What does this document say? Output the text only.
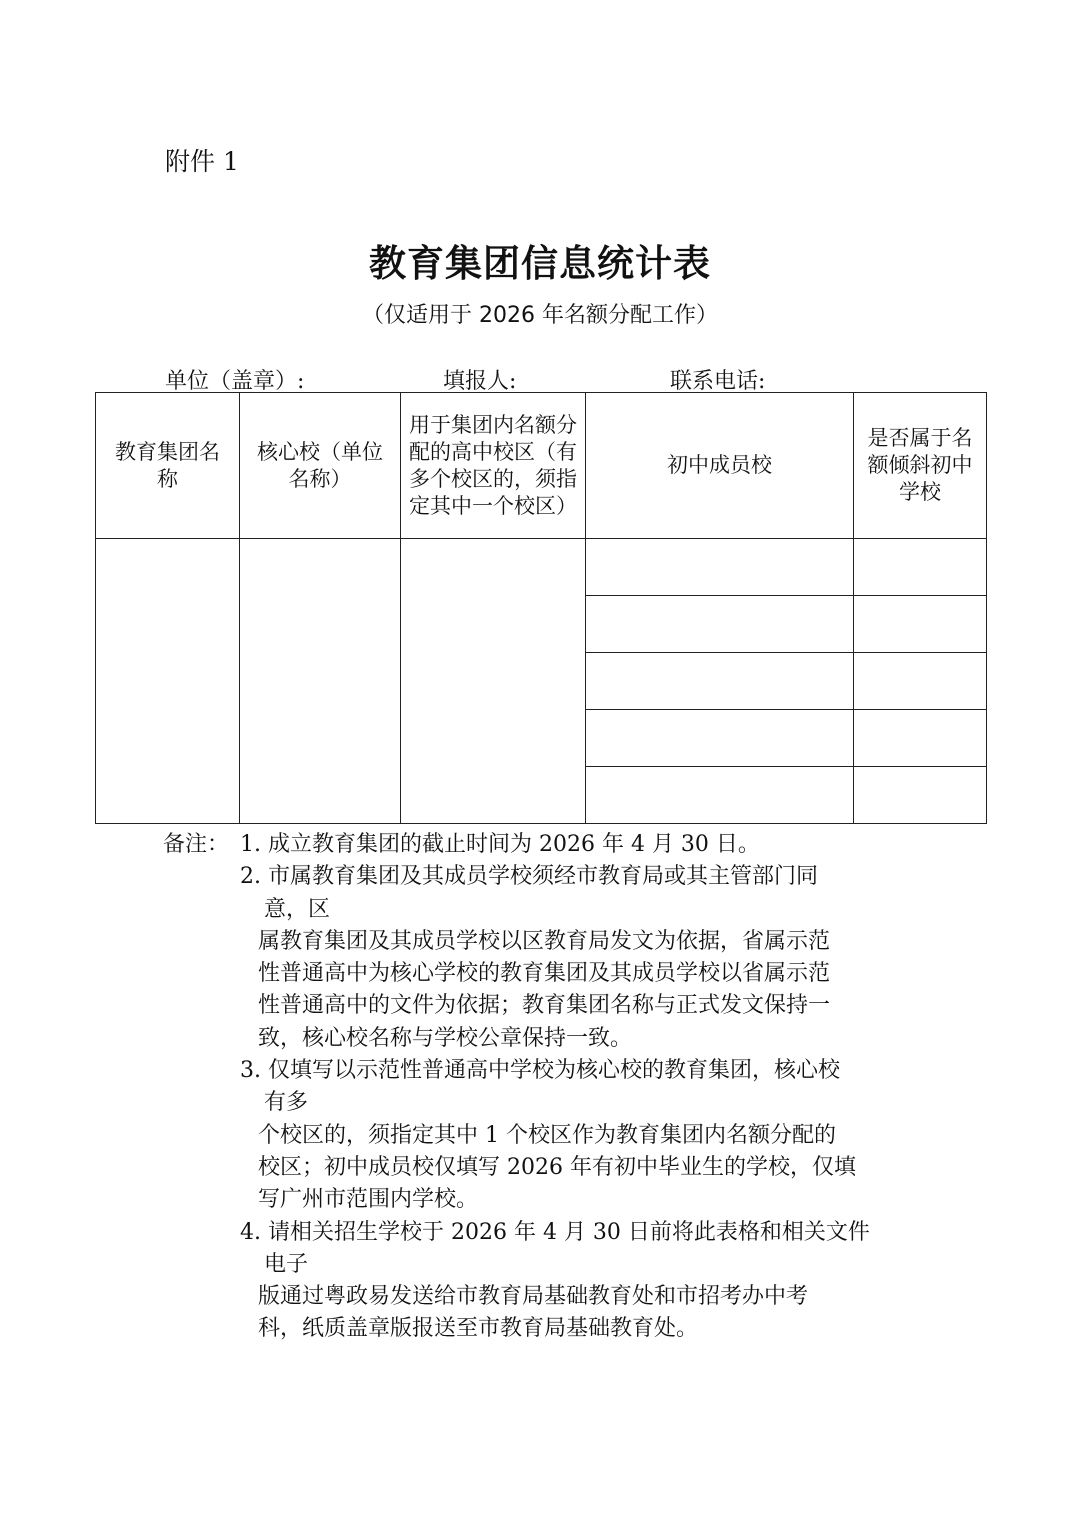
附件 1
教育集团信息统计表
（仅适用于 2026 年名额分配工作）
单位（盖章）:	填报人:	联系电话:
教育集团名称	核心校（单位名称）	用于集团内名额分配的高中校区（有多个校区的，须指定其中一个校区）	初中成员校	是否属于名额倾斜初中学校

备注： 1. 成立教育集团的截止时间为 2026 年 4 月 30 日。
2. 市属教育集团及其成员学校须经市教育局或其主管部门同
意，区
属教育集团及其成员学校以区教育局发文为依据，省属示范
性普通高中为核心学校的教育集团及其成员学校以省属示范
性普通高中的文件为依据；教育集团名称与正式发文保持一
致，核心校名称与学校公章保持一致。
3. 仅填写以示范性普通高中学校为核心校的教育集团，核心校
有多
个校区的，须指定其中 1 个校区作为教育集团内名额分配的
校区；初中成员校仅填写 2026 年有初中毕业生的学校，仅填
写广州市范围内学校。
4. 请相关招生学校于 2026 年 4 月 30 日前将此表格和相关文件
电子
版通过粤政易发送给市教育局基础教育处和市招考办中考
科，纸质盖章版报送至市教育局基础教育处。
